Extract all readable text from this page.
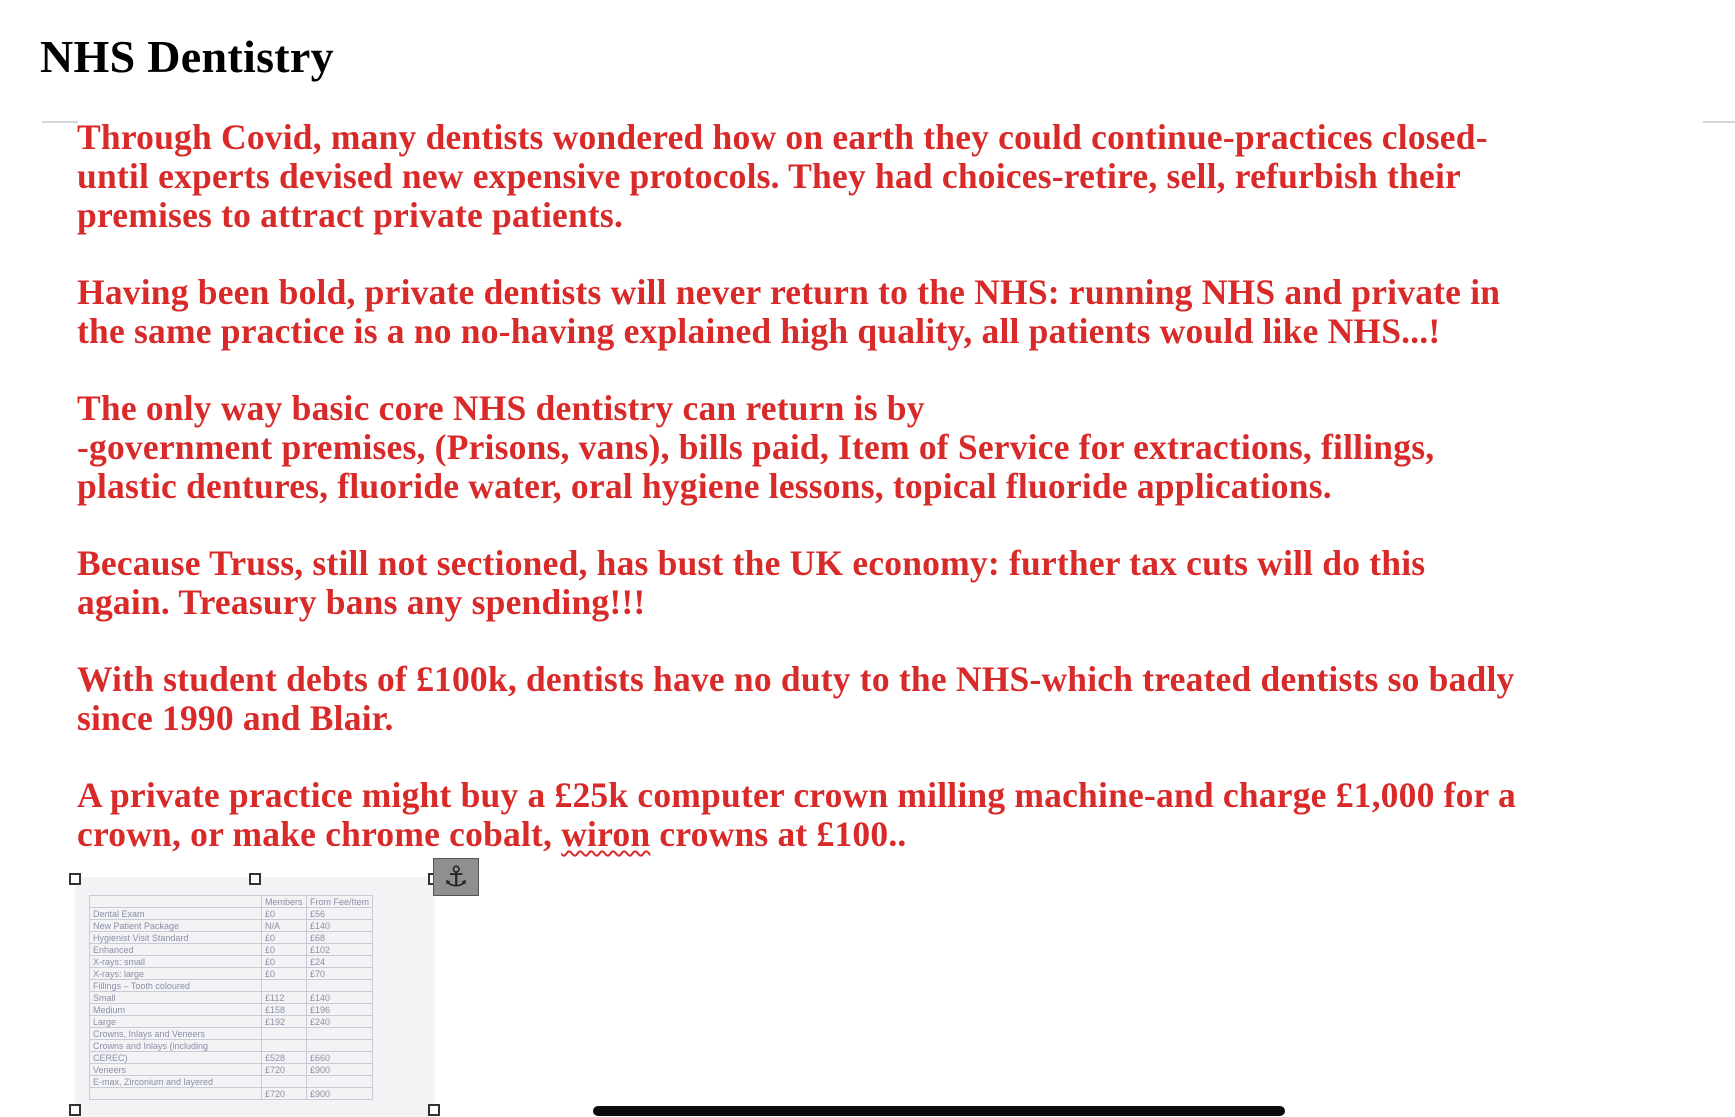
NHS Dentistry

Through Covid, many dentists wondered how on earth they could continue-practices closed-
until experts devised new expensive protocols. They had choices-retire, sell, refurbish their
premises to attract private patients.

Having been bold, private dentists will never return to the NHS: running NHS and private in
the same practice is a no no-having explained high quality, all patients would like NHS...!

The only way basic core NHS dentistry can return is by
-government premises, (Prisons, vans), bills paid, Item of Service for extractions, fillings,
plastic dentures, fluoride water, oral hygiene lessons, topical fluoride applications.

Because Truss, still not sectioned, has bust the UK economy: further tax cuts will do this
again. Treasury bans any spending!!!

With student debts of £100k, dentists have no duty to the NHS-which treated dentists so badly
since 1990 and Blair.

A private practice might buy a £25k computer crown milling machine-and charge £1,000 for a
crown, or make chrome cobalt, wiron crowns at £100..

	Members	From Fee/Item
Dental Exam	£0	£56
New Patient Package	N/A	£140
Hygienist Visit Standard	£0	£68
Enhanced	£0	£102
X-rays: small	£0	£24
X-rays: large	£0	£70
Fillings – Tooth coloured		
Small	£112	£140
Medium	£158	£196
Large	£192	£240
Crowns, Inlays and Veneers		
Crowns and Inlays (including		
CEREC)	£528	£660
Veneers	£720	£900
E-max, Zirconium and layered		
	£720	£900
⚓
